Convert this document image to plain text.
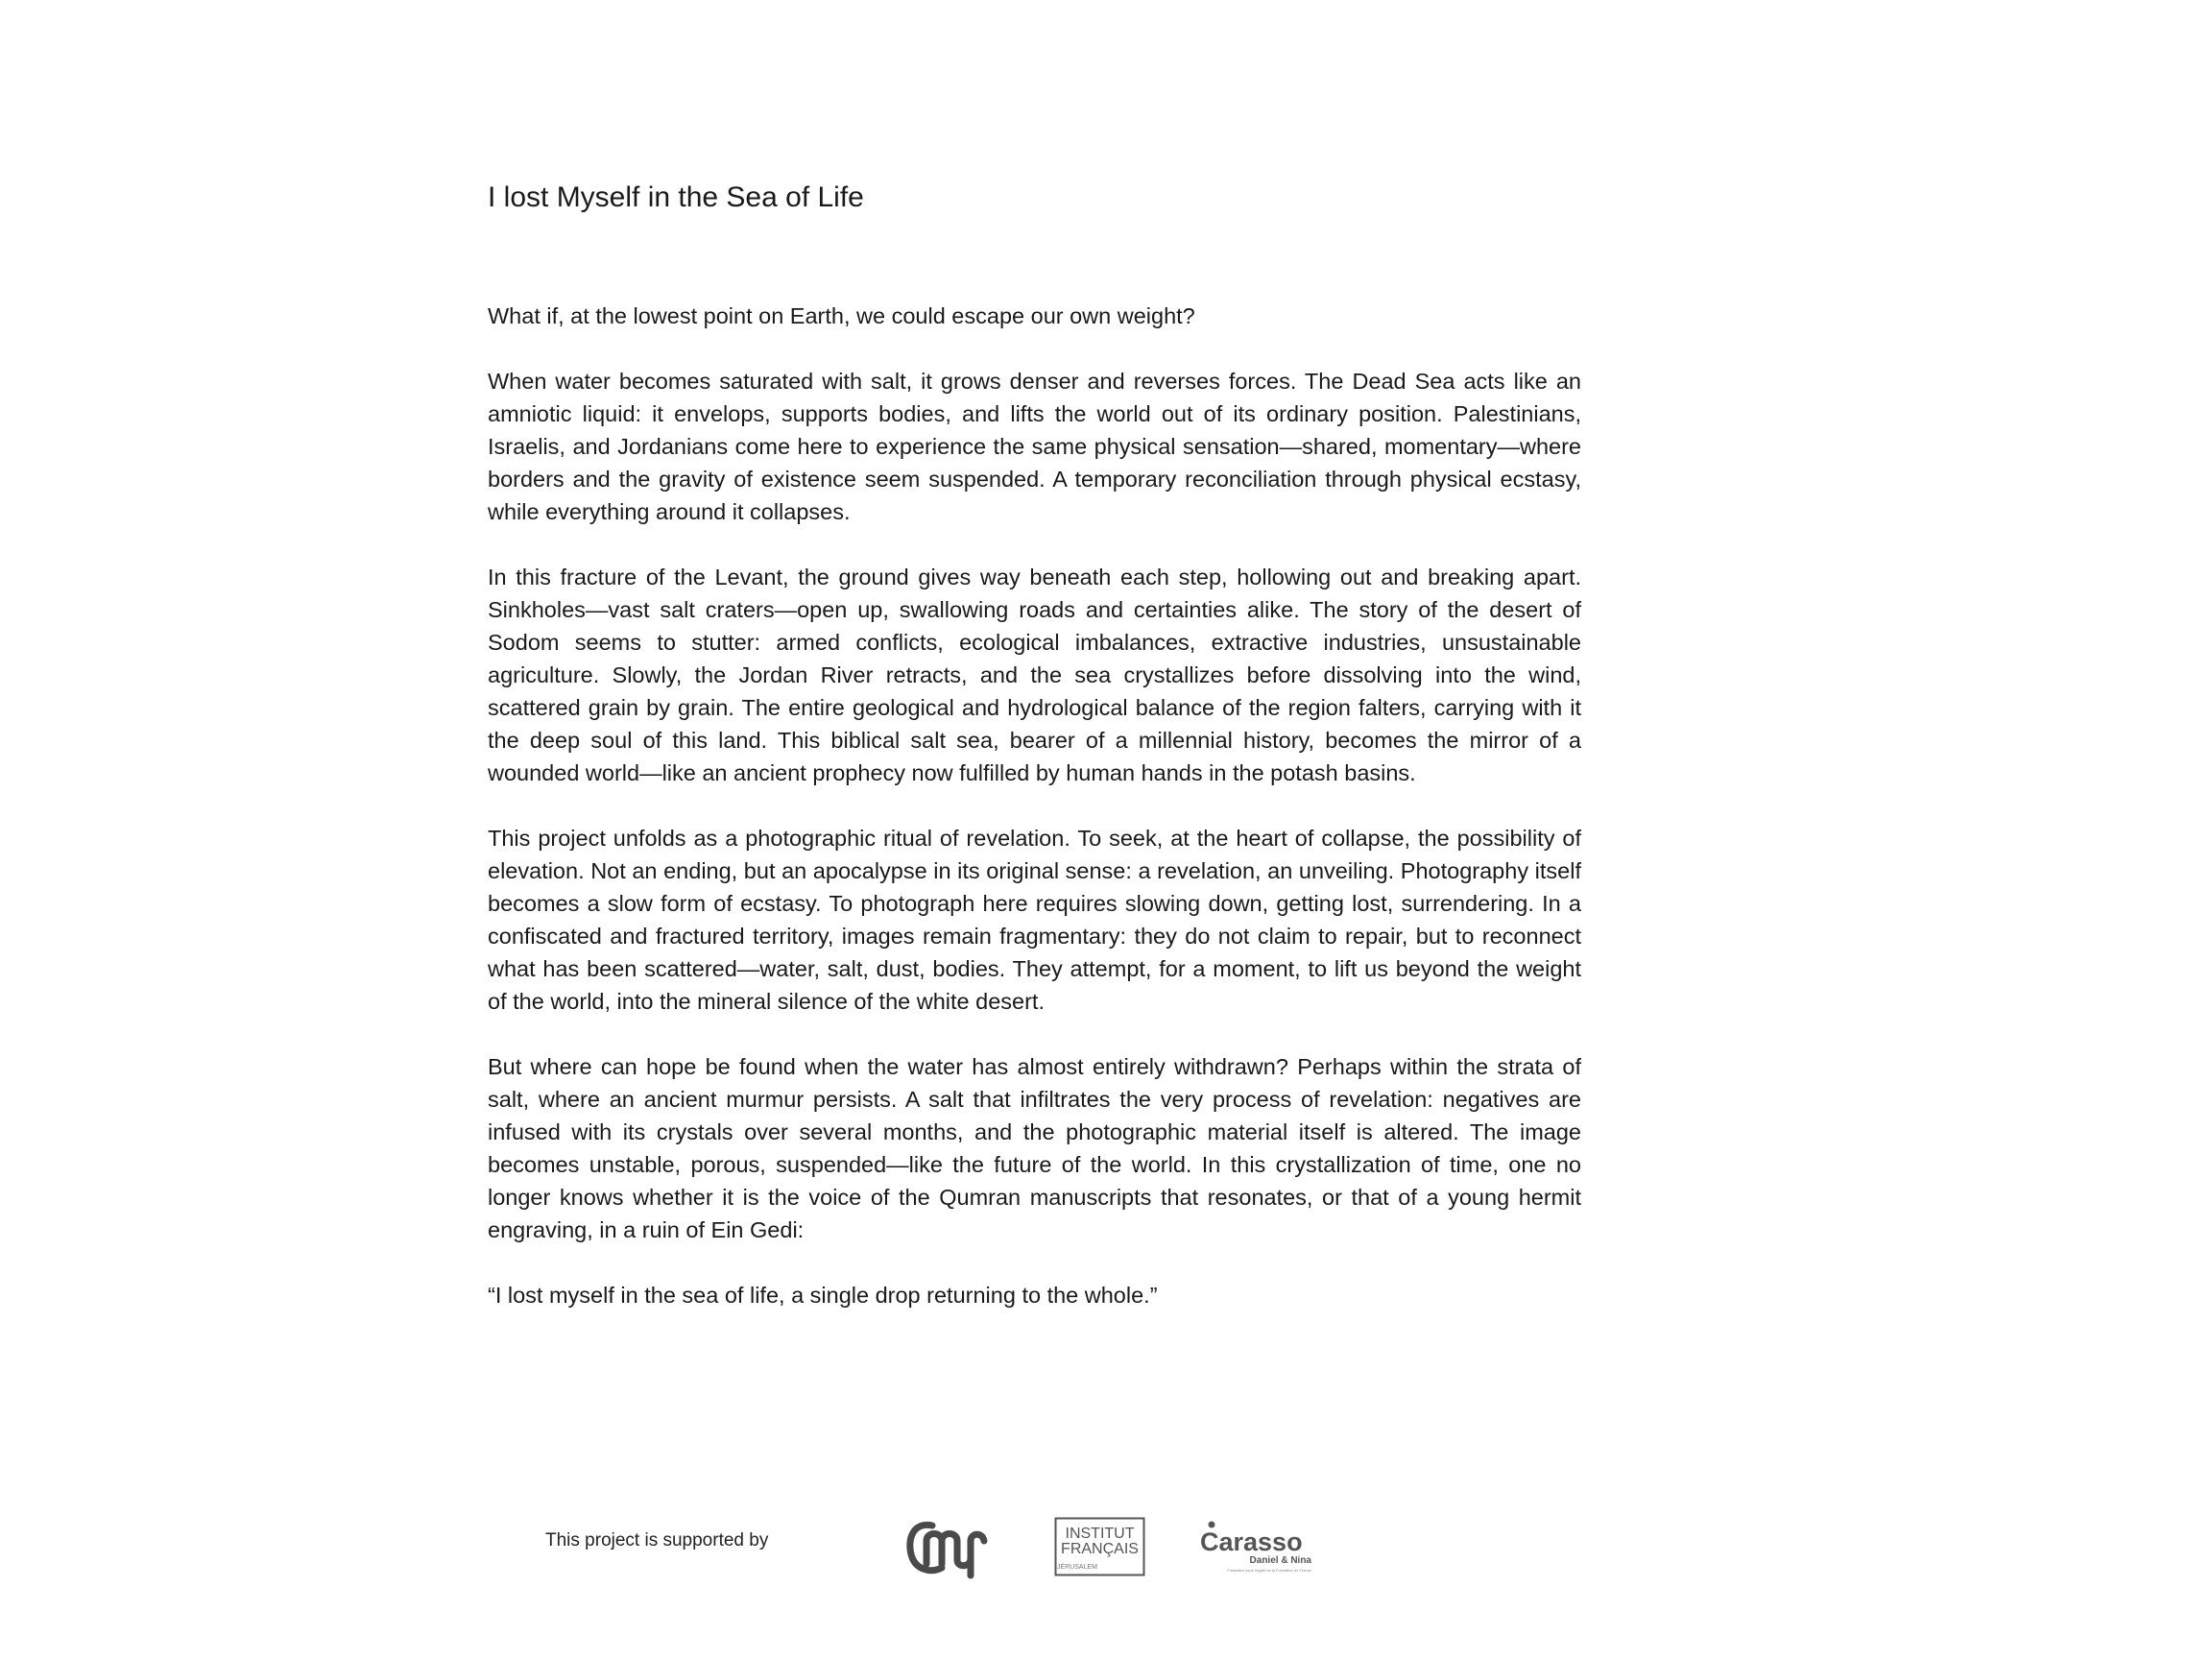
I lost Myself in the Sea of Life

What if, at the lowest point on Earth, we could escape our own weight?

When water becomes saturated with salt, it grows denser and reverses forces. The Dead Sea acts like an amniotic liquid: it envelops, supports bodies, and lifts the world out of its ordinary position. Palestinians, Israelis, and Jordanians come here to experience the same physical sensation—shared, momentary—where borders and the gravity of existence seem suspended. A temporary reconciliation through physical ecstasy, while everything around it collapses.

In this fracture of the Levant, the ground gives way beneath each step, hollowing out and breaking apart. Sinkholes—vast salt craters—open up, swallowing roads and certainties alike. The story of the desert of Sodom seems to stutter: armed conflicts, ecological imbalances, extractive industries, unsustainable agriculture. Slowly, the Jordan River retracts, and the sea crystallizes before dissolving into the wind, scattered grain by grain. The entire geological and hydrological balance of the region falters, carrying with it the deep soul of this land. This biblical salt sea, bearer of a millennial history, becomes the mirror of a wounded world—like an ancient prophecy now fulfilled by human hands in the potash basins.

This project unfolds as a photographic ritual of revelation. To seek, at the heart of collapse, the possibility of elevation. Not an ending, but an apocalypse in its original sense: a revelation, an unveiling. Photography itself becomes a slow form of ecstasy. To photograph here requires slowing down, getting lost, surrendering. In a confiscated and fractured territory, images remain fragmentary: they do not claim to repair, but to reconnect what has been scattered—water, salt, dust, bodies. They attempt, for a moment, to lift us beyond the weight of the world, into the mineral silence of the white desert.

But where can hope be found when the water has almost entirely withdrawn? Perhaps within the strata of salt, where an ancient murmur persists. A salt that infiltrates the very process of revelation: negatives are infused with its crystals over several months, and the photographic material itself is altered. The image becomes unstable, porous, suspended—like the future of the world. In this crystallization of time, one no longer knows whether it is the voice of the Qumran manuscripts that resonates, or that of a young hermit engraving, in a ruin of Ein Gedi:

“I lost myself in the sea of life, a single drop returning to the whole.”

This project is supported by	INSTITUT
FRANÇAIS
JÉRUSALEM
Carasso
Daniel & Nina
Fondation sous l'égide de la Fondation de France
